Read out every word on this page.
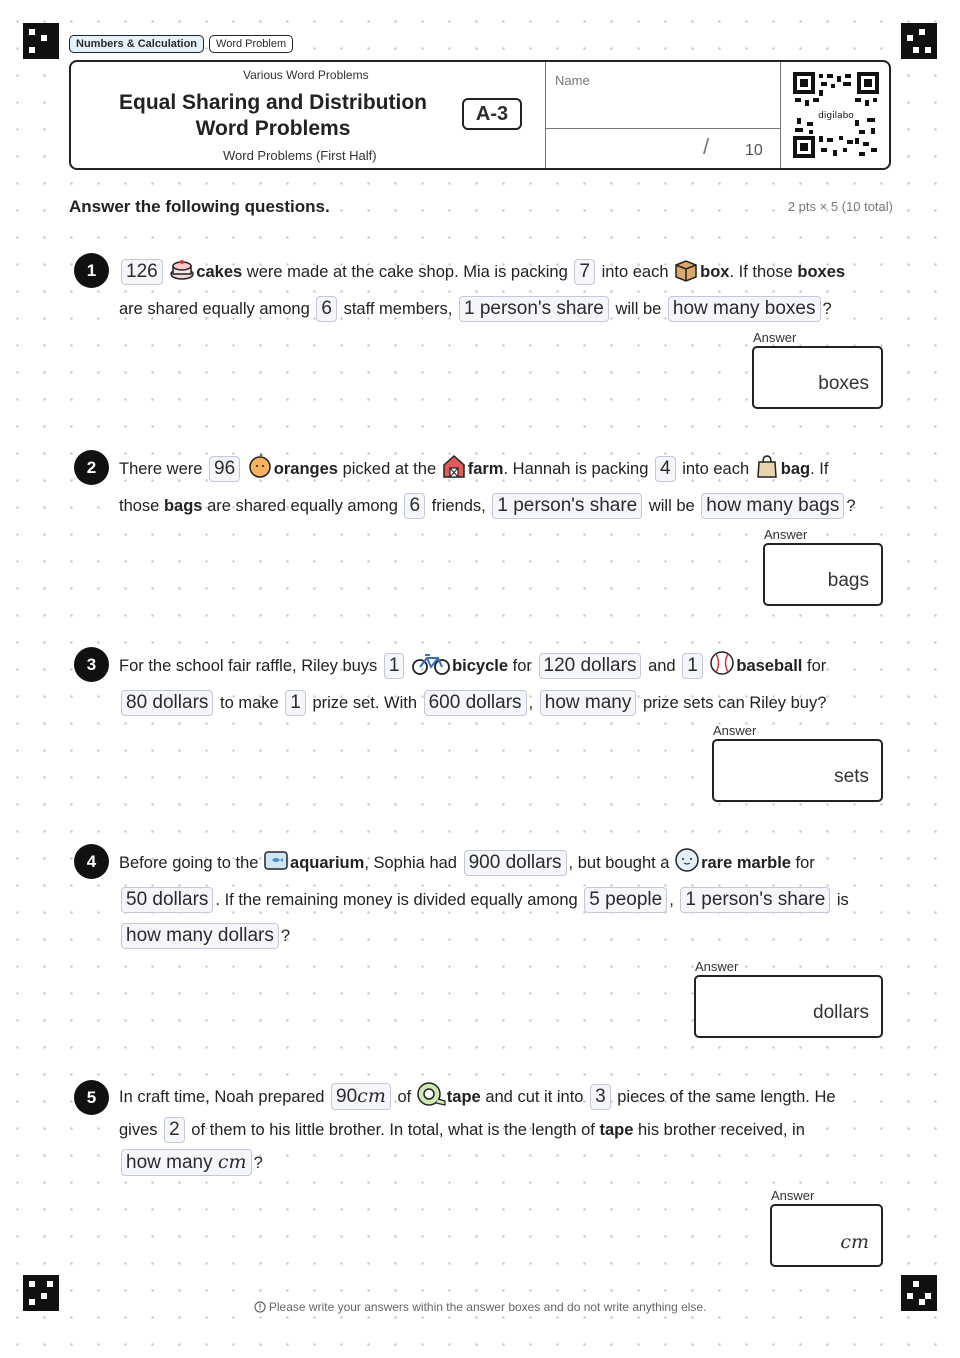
Numbers & Calculation	Word Problem
Various Word Problems
Equal Sharing and Distribution
Word Problems
Word Problems (First Half)
A-3
Name
/ 10
digilabo
Answer the following questions.	2 pts × 5 (10 total)
1	126 cakes were made at the cake shop. Mia is packing 7 into each box. If those boxes
are shared equally among 6 staff members, 1 person's share will be how many boxes ?
Answer
boxes
2	There were 96 oranges picked at the farm. Hannah is packing 4 into each bag. If
those bags are shared equally among 6 friends, 1 person's share will be how many bags ?
Answer
bags
3	For the school fair raffle, Riley buys 1	bicycle for 120 dollars and 1 baseball for
80 dollars to make 1 prize set. With 600 dollars , how many prize sets can Riley buy?
Answer
sets
4	Before going to the aquarium, Sophia had 900 dollars , but bought a rare marble for
50 dollars . If the remaining money is divided equally among 5 people , 1 person's share is
how many dollars ?
Answer
dollars
5	In craft time, Noah prepared 90cm of tape and cut it into 3 pieces of the same length. He
gives 2 of them to his little brother. In total, what is the length of tape his brother received, in
how many cm ?
Answer
cm
Please write your answers within the answer boxes and do not write anything else.
